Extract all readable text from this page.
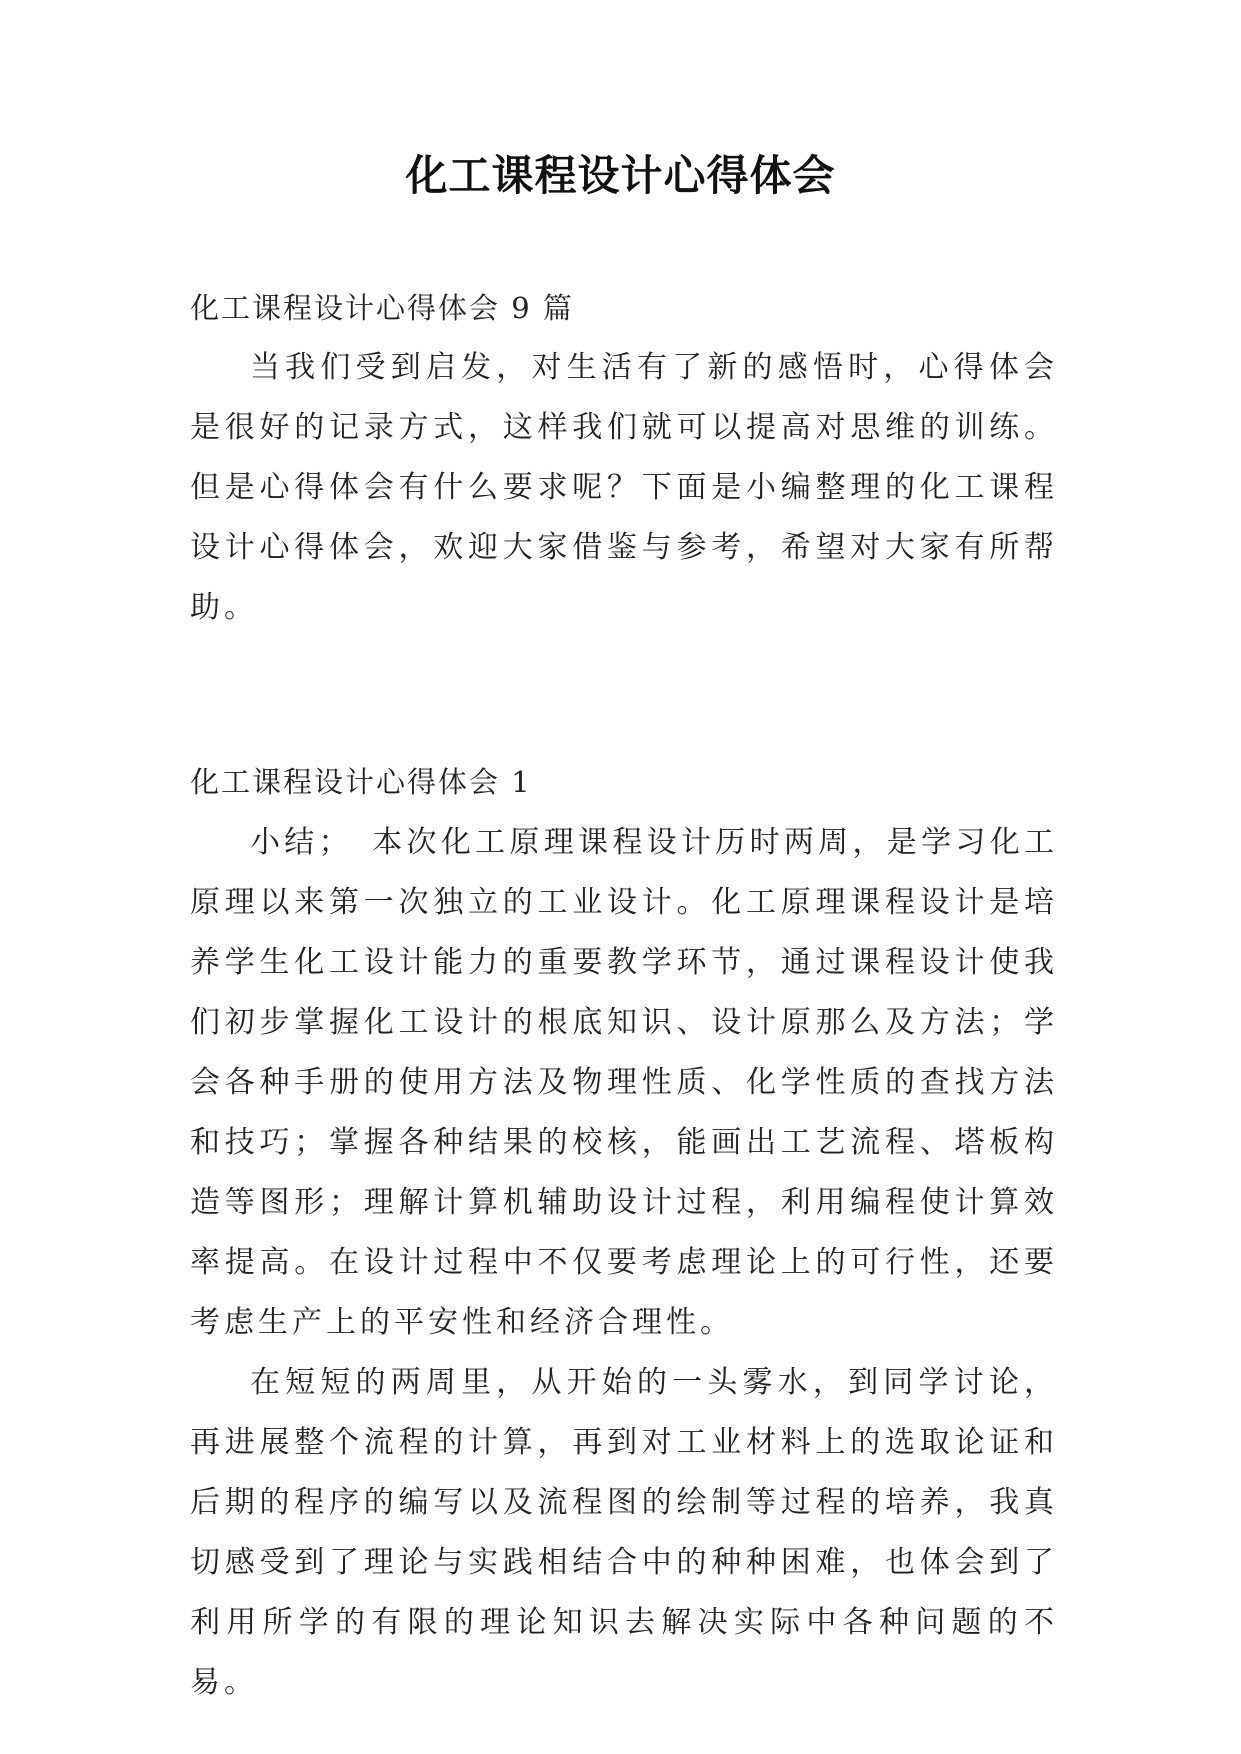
化工课程设计心得体会

化工课程设计心得体会 9 篇

当我们受到启发，对生活有了新的感悟时，心得体会是很好的记录方式，这样我们就可以提高对思维的训练。但是心得体会有什么要求呢？下面是小编整理的化工课程设计心得体会，欢迎大家借鉴与参考，希望对大家有所帮助。

化工课程设计心得体会 1

小结；　本次化工原理课程设计历时两周，是学习化工原理以来第一次独立的工业设计。化工原理课程设计是培养学生化工设计能力的重要教学环节，通过课程设计使我们初步掌握化工设计的根底知识、设计原那么及方法；学会各种手册的使用方法及物理性质、化学性质的查找方法和技巧；掌握各种结果的校核，能画出工艺流程、塔板构造等图形；理解计算机辅助设计过程，利用编程使计算效率提高。在设计过程中不仅要考虑理论上的可行性，还要考虑生产上的平安性和经济合理性。

在短短的两周里，从开始的一头雾水，到同学讨论，再进展整个流程的计算，再到对工业材料上的选取论证和后期的程序的编写以及流程图的绘制等过程的培养，我真切感受到了理论与实践相结合中的种种困难，也体会到了利用所学的有限的理论知识去解决实际中各种问题的不易。
